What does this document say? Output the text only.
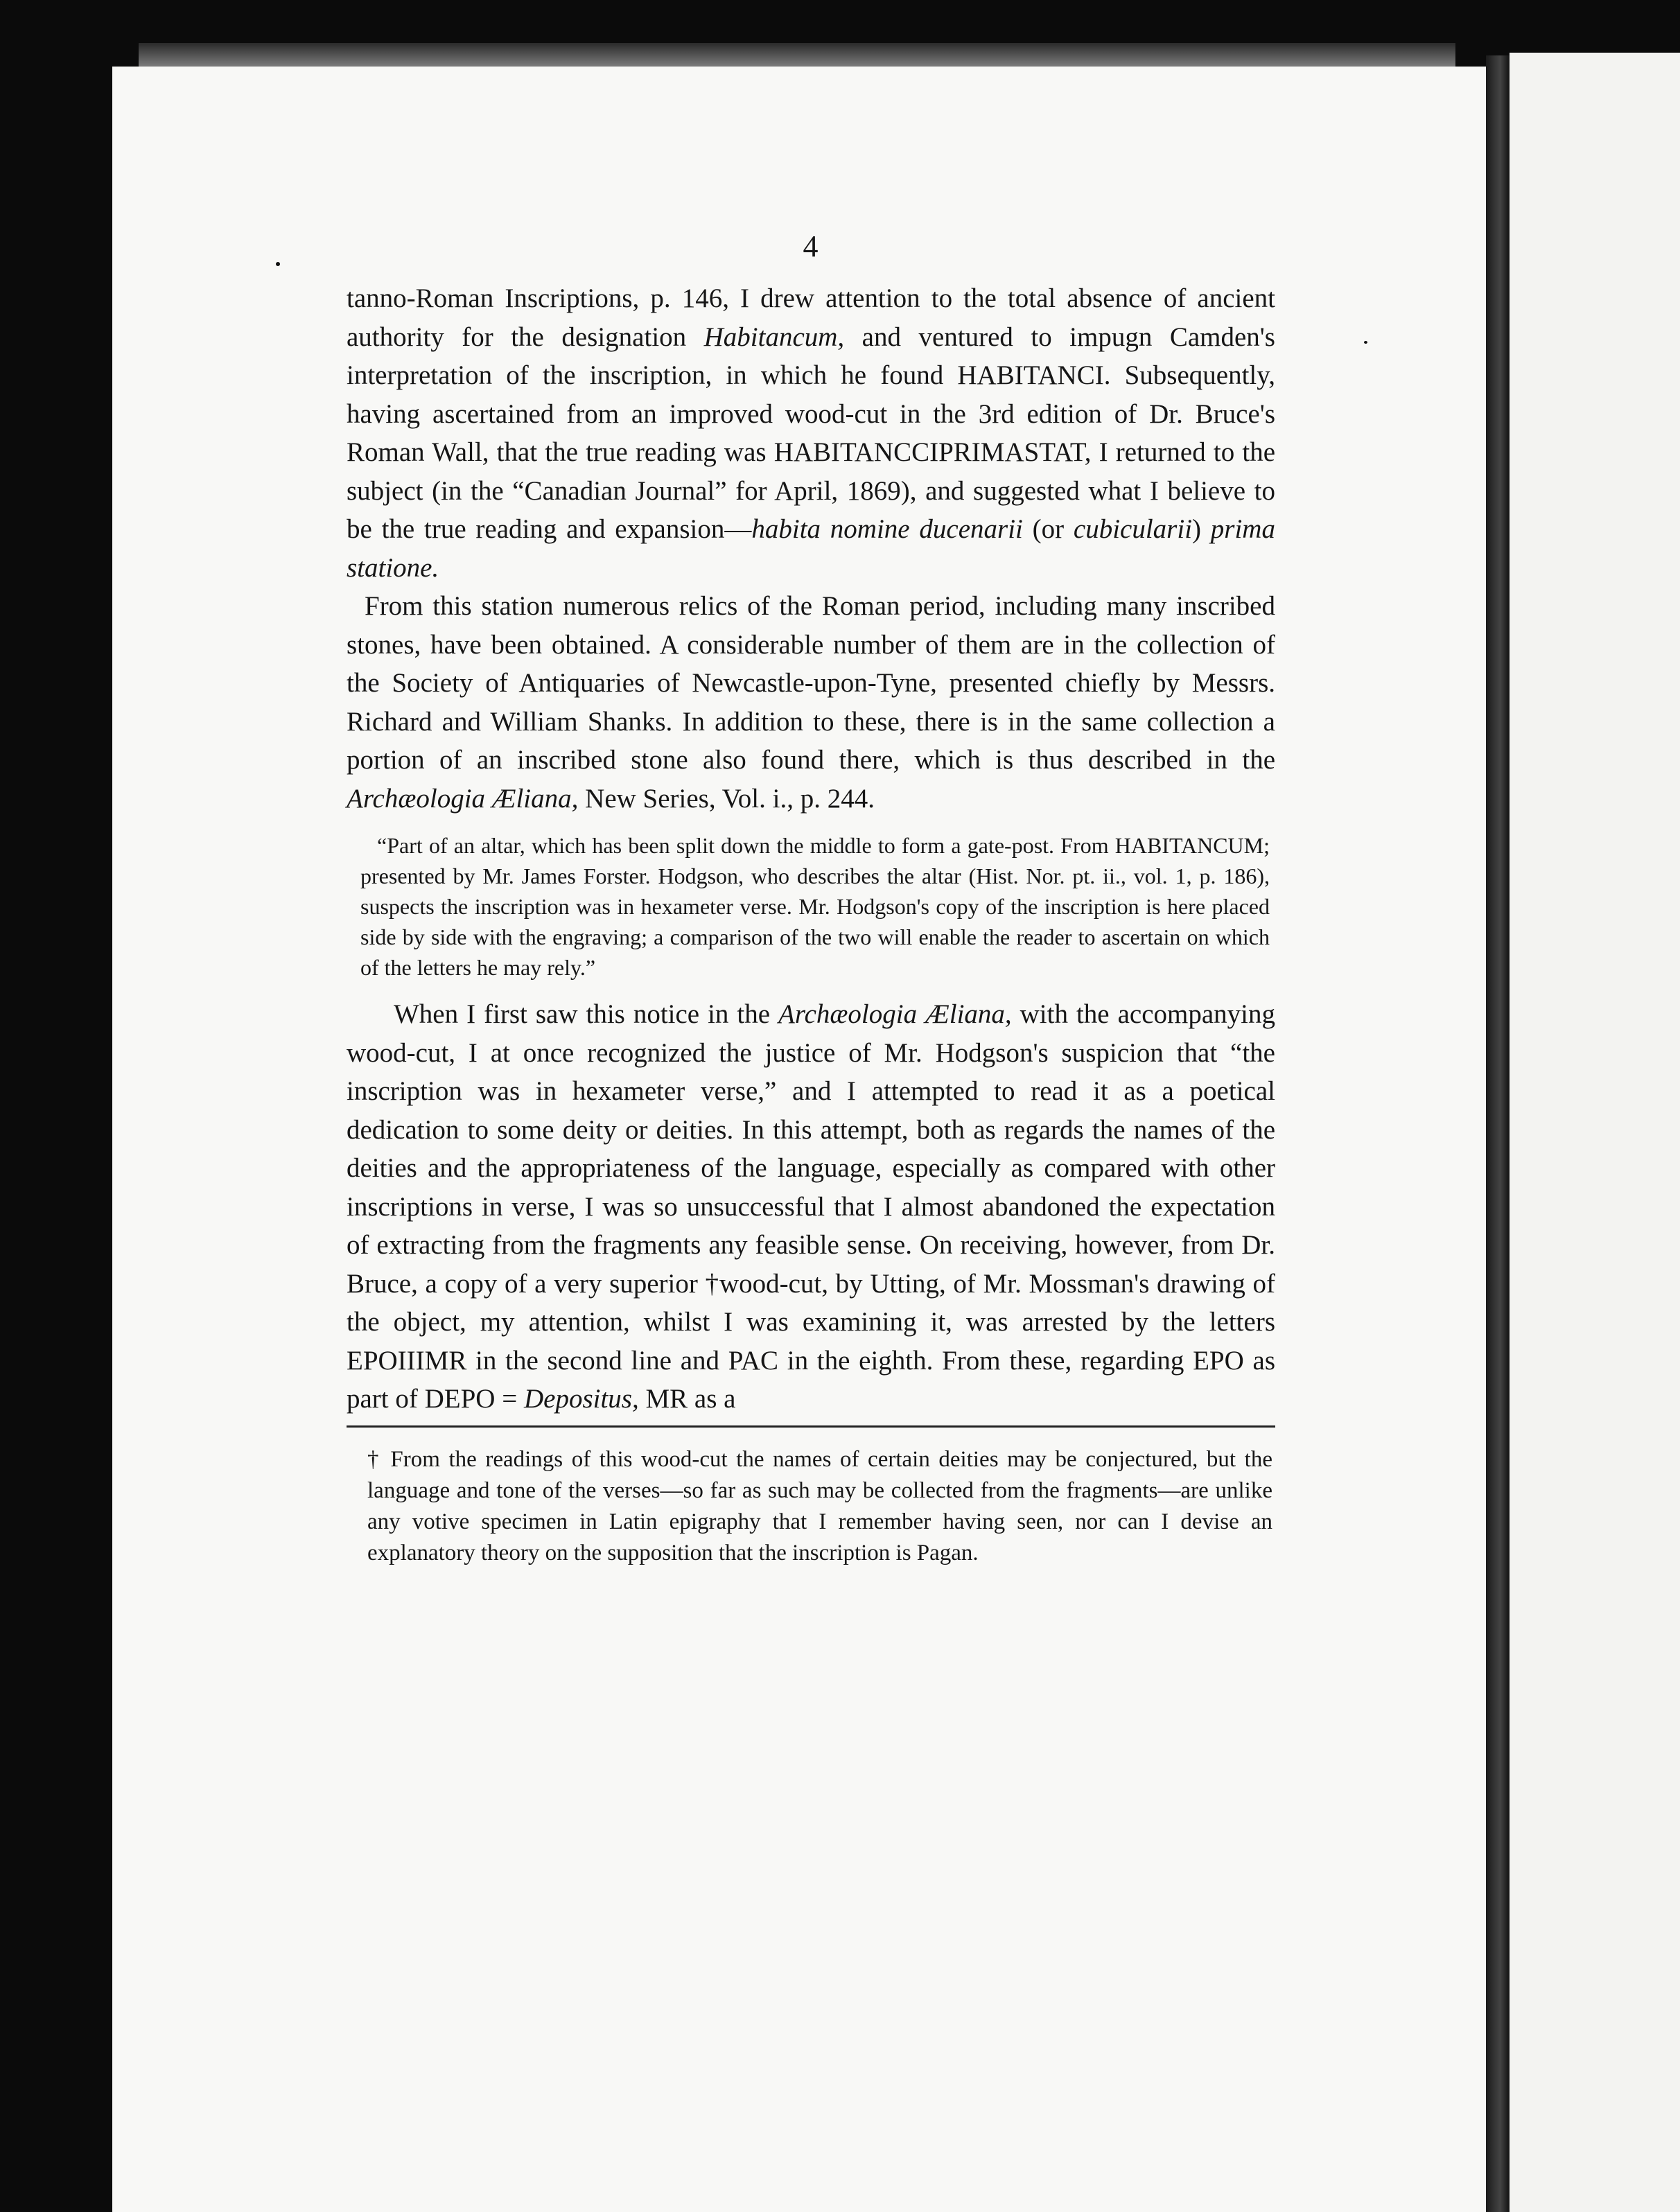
4

tanno-Roman Inscriptions, p. 146, I drew attention to the total absence of ancient authority for the designation Habitancum, and ventured to impugn Camden's interpretation of the inscription, in which he found HABITANCI. Subsequently, having ascertained from an improved wood-cut in the 3rd edition of Dr. Bruce's Roman Wall, that the true reading was HABITANCCIPRIMASTAT, I returned to the subject (in the “Canadian Journal” for April, 1869), and suggested what I believe to be the true reading and expansion—habita nomine ducenarii (or cubicularii) prima statione.

From this station numerous relics of the Roman period, including many inscribed stones, have been obtained. A considerable number of them are in the collection of the Society of Antiquaries of Newcastle-upon-Tyne, presented chiefly by Messrs. Richard and William Shanks. In addition to these, there is in the same collection a portion of an inscribed stone also found there, which is thus described in the Archæologia Æliana, New Series, Vol. i., p. 244.

“Part of an altar, which has been split down the middle to form a gate-post. From HABITANCUM; presented by Mr. James Forster. Hodgson, who describes the altar (Hist. Nor. pt. ii., vol. 1, p. 186), suspects the inscription was in hexameter verse. Mr. Hodgson's copy of the inscription is here placed side by side with the engraving; a comparison of the two will enable the reader to ascertain on which of the letters he may rely.”

When I first saw this notice in the Archæologia Æliana, with the accompanying wood-cut, I at once recognized the justice of Mr. Hodgson's suspicion that “the inscription was in hexameter verse,” and I attempted to read it as a poetical dedication to some deity or deities. In this attempt, both as regards the names of the deities and the appropriateness of the language, especially as compared with other inscriptions in verse, I was so unsuccessful that I almost abandoned the expectation of extracting from the fragments any feasible sense. On receiving, however, from Dr. Bruce, a copy of a very superior †wood-cut, by Utting, of Mr. Mossman's drawing of the object, my attention, whilst I was examining it, was arrested by the letters EPOIIIMR in the second line and PAC in the eighth. From these, regarding EPO as part of DEPO = Depositus, MR as a

† From the readings of this wood-cut the names of certain deities may be conjectured, but the language and tone of the verses—so far as such may be collected from the fragments—are unlike any votive specimen in Latin epigraphy that I remember having seen, nor can I devise an explanatory theory on the supposition that the inscription is Pagan.
